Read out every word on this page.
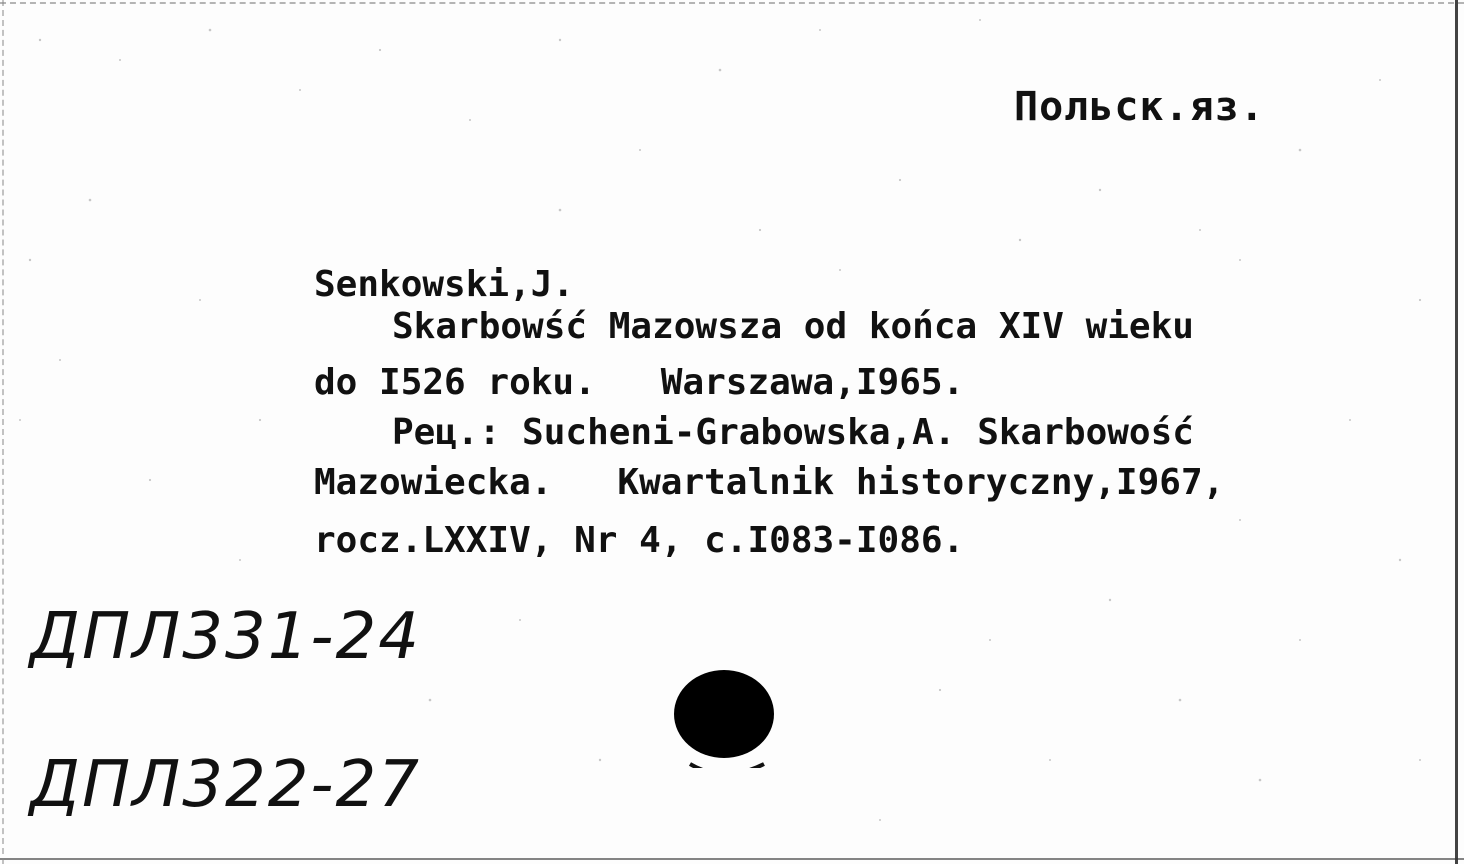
Польск.яз.
Senkowski,J.
Skarbowść Mazowsza od końca XIV wieku
do I526 roku.   Warszawa,I965.
Рец.: Sucheni-Grabowska,A. Skarbowość
Mazowiecka.   Kwartalnik historyczny,I967,
rocz.LXXIV, Nr 4, c.I083-I086.
ДПЛ331-24
ДПЛ322-27
